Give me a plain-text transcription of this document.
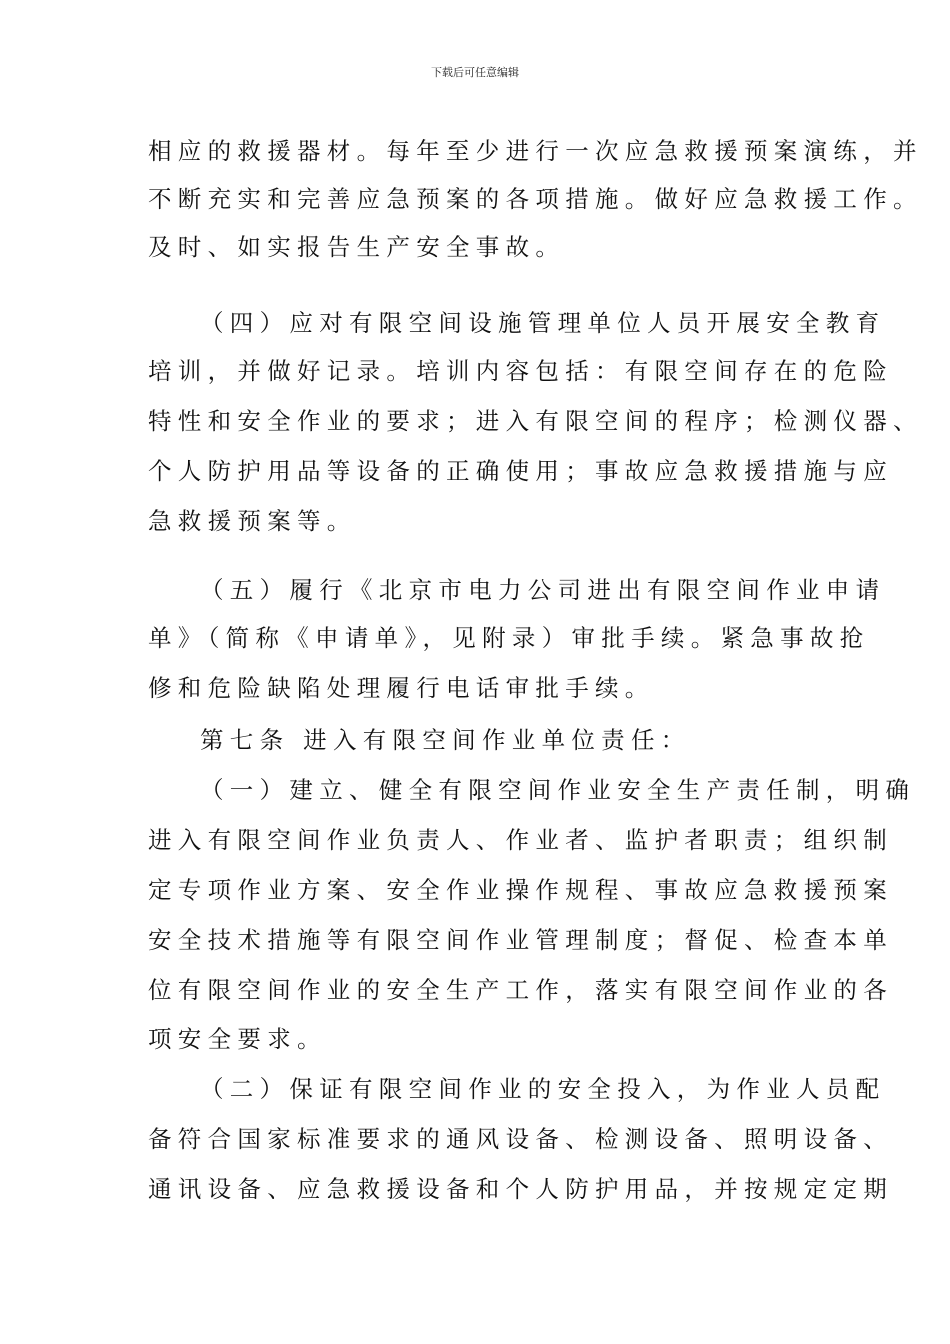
下载后可任意编辑

相应的救援器材。每年至少进行一次应急救援预案演练，并

不断充实和完善应急预案的各项措施。做好应急救援工作。

及时、如实报告生产安全事故。

（四）应对有限空间设施管理单位人员开展安全教育

培训，并做好记录。培训内容包括：有限空间存在的危险

特性和安全作业的要求；进入有限空间的程序；检测仪器、

个人防护用品等设备的正确使用；事故应急救援措施与应

急救援预案等。

（五）履行《北京市电力公司进出有限空间作业申请

单》（简称《申请单》，见附录）审批手续。紧急事故抢

修和危险缺陷处理履行电话审批手续。

第七条 进入有限空间作业单位责任：

（一）建立、健全有限空间作业安全生产责任制，明确

进入有限空间作业负责人、作业者、监护者职责；组织制

定专项作业方案、安全作业操作规程、事故应急救援预案

安全技术措施等有限空间作业管理制度；督促、检查本单

位有限空间作业的安全生产工作，落实有限空间作业的各

项安全要求。

（二）保证有限空间作业的安全投入，为作业人员配

备符合国家标准要求的通风设备、检测设备、照明设备、

通讯设备、应急救援设备和个人防护用品，并按规定定期
